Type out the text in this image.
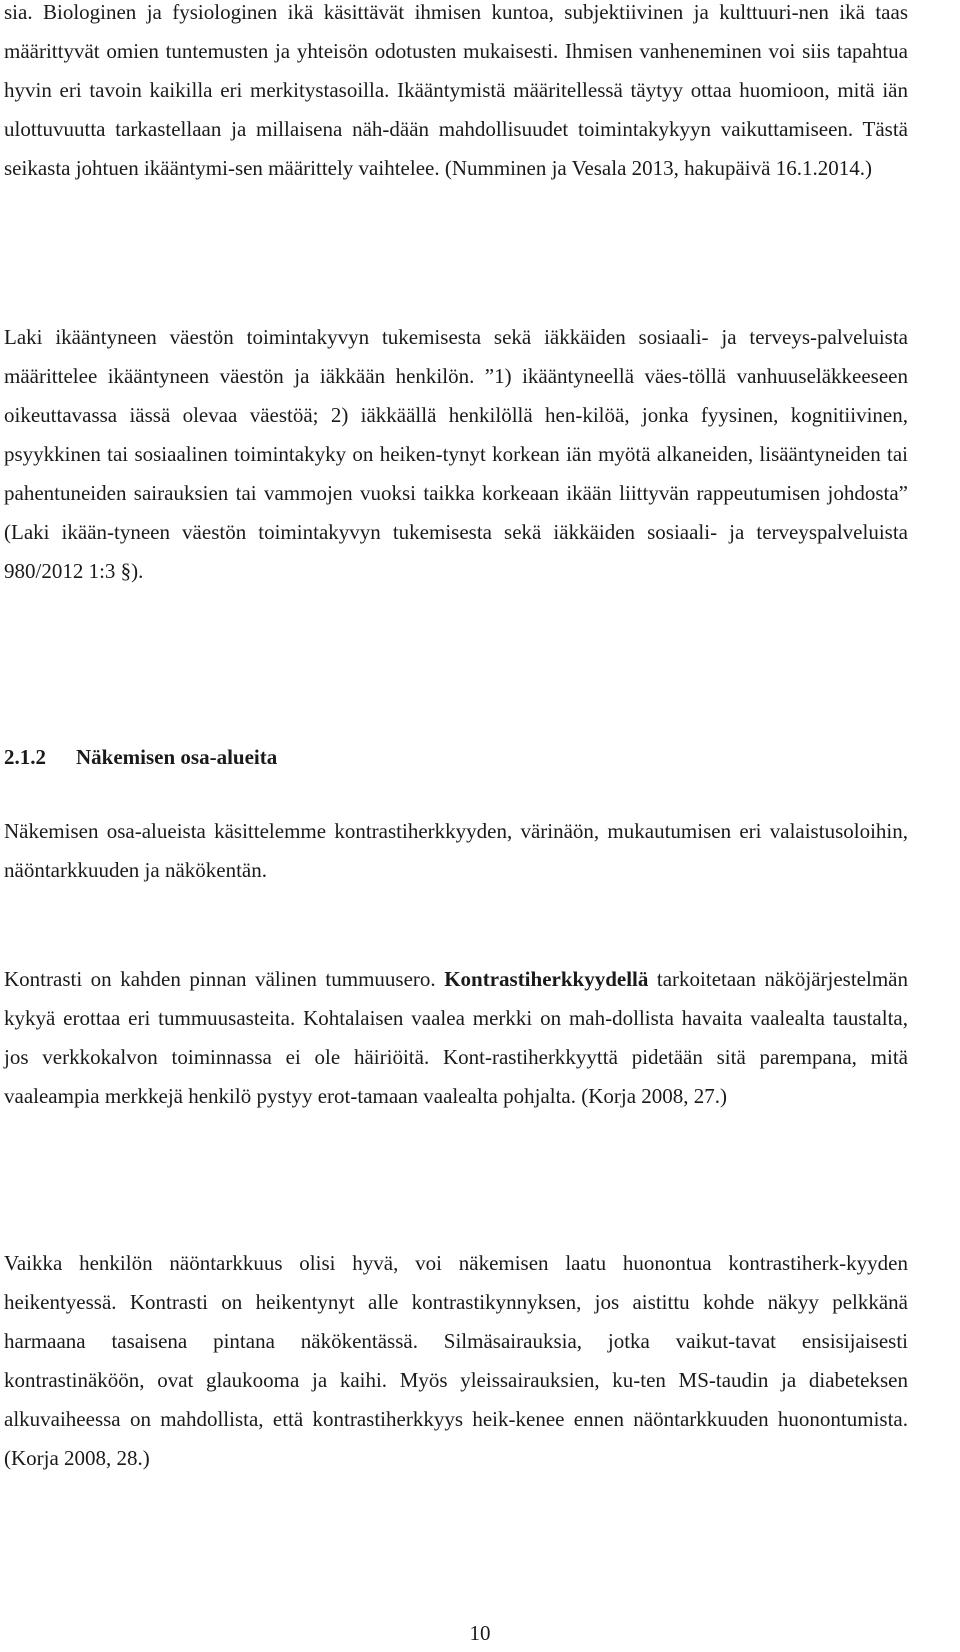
sia. Biologinen ja fysiologinen ikä käsittävät ihmisen kuntoa, subjektiivinen ja kulttuuri-nen ikä taas määrittyvät omien tuntemusten ja yhteisön odotusten mukaisesti. Ihmisen vanheneminen voi siis tapahtua hyvin eri tavoin kaikilla eri merkitystasoilla. Ikääntymistä määritellessä täytyy ottaa huomioon, mitä iän ulottuvuutta tarkastellaan ja millaisena näh-dään mahdollisuudet toimintakykyyn vaikuttamiseen. Tästä seikasta johtuen ikääntymi-sen määrittely vaihtelee. (Numminen ja Vesala 2013, hakupäivä 16.1.2014.)

Laki ikääntyneen väestön toimintakyvyn tukemisesta sekä iäkkäiden sosiaali- ja terveys-palveluista määrittelee ikääntyneen väestön ja iäkkään henkilön. ”1) ikääntyneellä väes-töllä vanhuuseläkkeeseen oikeuttavassa iässä olevaa väestöä; 2) iäkkäällä henkilöllä hen-kilöä, jonka fyysinen, kognitiivinen, psyykkinen tai sosiaalinen toimintakyky on heiken-tynyt korkean iän myötä alkaneiden, lisääntyneiden tai pahentuneiden sairauksien tai vammojen vuoksi taikka korkeaan ikään liittyvän rappeutumisen johdosta” (Laki ikään-tyneen väestön toimintakyvyn tukemisesta sekä iäkkäiden sosiaali- ja terveyspalveluista 980/2012 1:3 §).

2.1.2 Näkemisen osa-alueita

Näkemisen osa-alueista käsittelemme kontrastiherkkyyden, värinäön, mukautumisen eri valaistusoloihin, näöntarkkuuden ja näkökentän.

Kontrasti on kahden pinnan välinen tummuusero. Kontrastiherkkyydellä tarkoitetaan näköjärjestelmän kykyä erottaa eri tummuusasteita. Kohtalaisen vaalea merkki on mah-dollista havaita vaalealta taustalta, jos verkkokalvon toiminnassa ei ole häiriöitä. Kont-rastiherkkyyttä pidetään sitä parempana, mitä vaaleampia merkkejä henkilö pystyy erot-tamaan vaalealta pohjalta. (Korja 2008, 27.)

Vaikka henkilön näöntarkkuus olisi hyvä, voi näkemisen laatu huonontua kontrastiherk-kyyden heikentyessä. Kontrasti on heikentynyt alle kontrastikynnyksen, jos aistittu kohde näkyy pelkkänä harmaana tasaisena pintana näkökentässä. Silmäsairauksia, jotka vaikut-tavat ensisijaisesti kontrastinäköön, ovat glaukooma ja kaihi. Myös yleissairauksien, ku-ten MS-taudin ja diabeteksen alkuvaiheessa on mahdollista, että kontrastiherkkyys heik-kenee ennen näöntarkkuuden huonontumista. (Korja 2008, 28.)

10
